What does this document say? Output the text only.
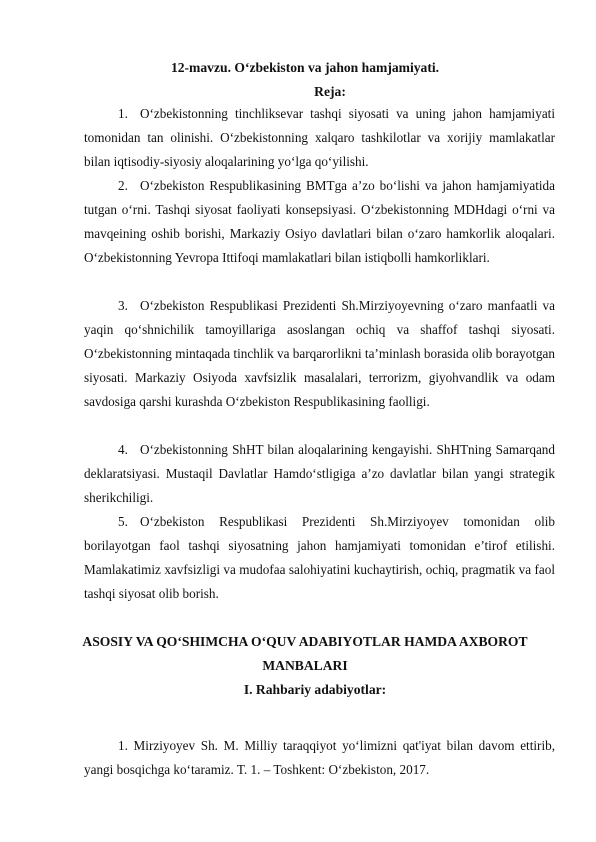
12-mavzu. O‘zbekiston va jahon hamjamiyati.
Reja:
1. O‘zbekistonning tinchliksevar tashqi siyosati va uning jahon hamjamiyati tomonidan tan olinishi. O‘zbekistonning xalqaro tashkilotlar va xorijiy mamlakatlar bilan iqtisodiy-siyosiy aloqalarining yo‘lga qo‘yilishi.
2. O‘zbekiston Respublikasining BMTga a’zo bo‘lishi va jahon hamjamiyatida tutgan o‘rni. Tashqi siyosat faoliyati konsepsiyasi. O‘zbekistonning MDHdagi o‘rni va mavqeining oshib borishi, Markaziy Osiyo davlatlari bilan o‘zaro hamkorlik aloqalari. O‘zbekistonning Yevropa Ittifoqi mamlakatlari bilan istiqbolli hamkorliklari.
3. O‘zbekiston Respublikasi Prezidenti Sh.Mirziyoyevning o‘zaro manfaatli va yaqin qo‘shnichilik tamoyillariga asoslangan ochiq va shaffof tashqi siyosati. O‘zbekistonning mintaqada tinchlik va barqarorlikni ta’minlash borasida olib borayotgan siyosati. Markaziy Osiyoda xavfsizlik masalalari, terrorizm, giyohvandlik va odam savdosiga qarshi kurashda O‘zbekiston Respublikasining faolligi.
4. O‘zbekistonning ShHT bilan aloqalarining kengayishi. ShHTning Samarqand deklaratsiyasi. Mustaqil Davlatlar Hamdo‘stligiga a’zo davlatlar bilan yangi strategik sherikchiligi.
5. O‘zbekiston Respublikasi Prezidenti Sh.Mirziyoyev tomonidan olib borilayotgan faol tashqi siyosatning jahon hamjamiyati tomonidan e’tirof etilishi. Mamlakatimiz xavfsizligi va mudofaa salohiyatini kuchaytirish, ochiq, pragmatik va faol tashqi siyosat olib borish.
ASOSIY VA QO‘SHIMCHA O‘QUV ADABIYOTLAR HAMDA AXBOROT
MANBALARI
I. Rahbariy adabiyotlar:
1. Mirziyoyev Sh. M. Milliy taraqqiyot yo‘limizni qat'iyat bilan davom ettirib, yangi bosqichga ko‘taramiz. T. 1. – Toshkent: O‘zbekiston, 2017.
